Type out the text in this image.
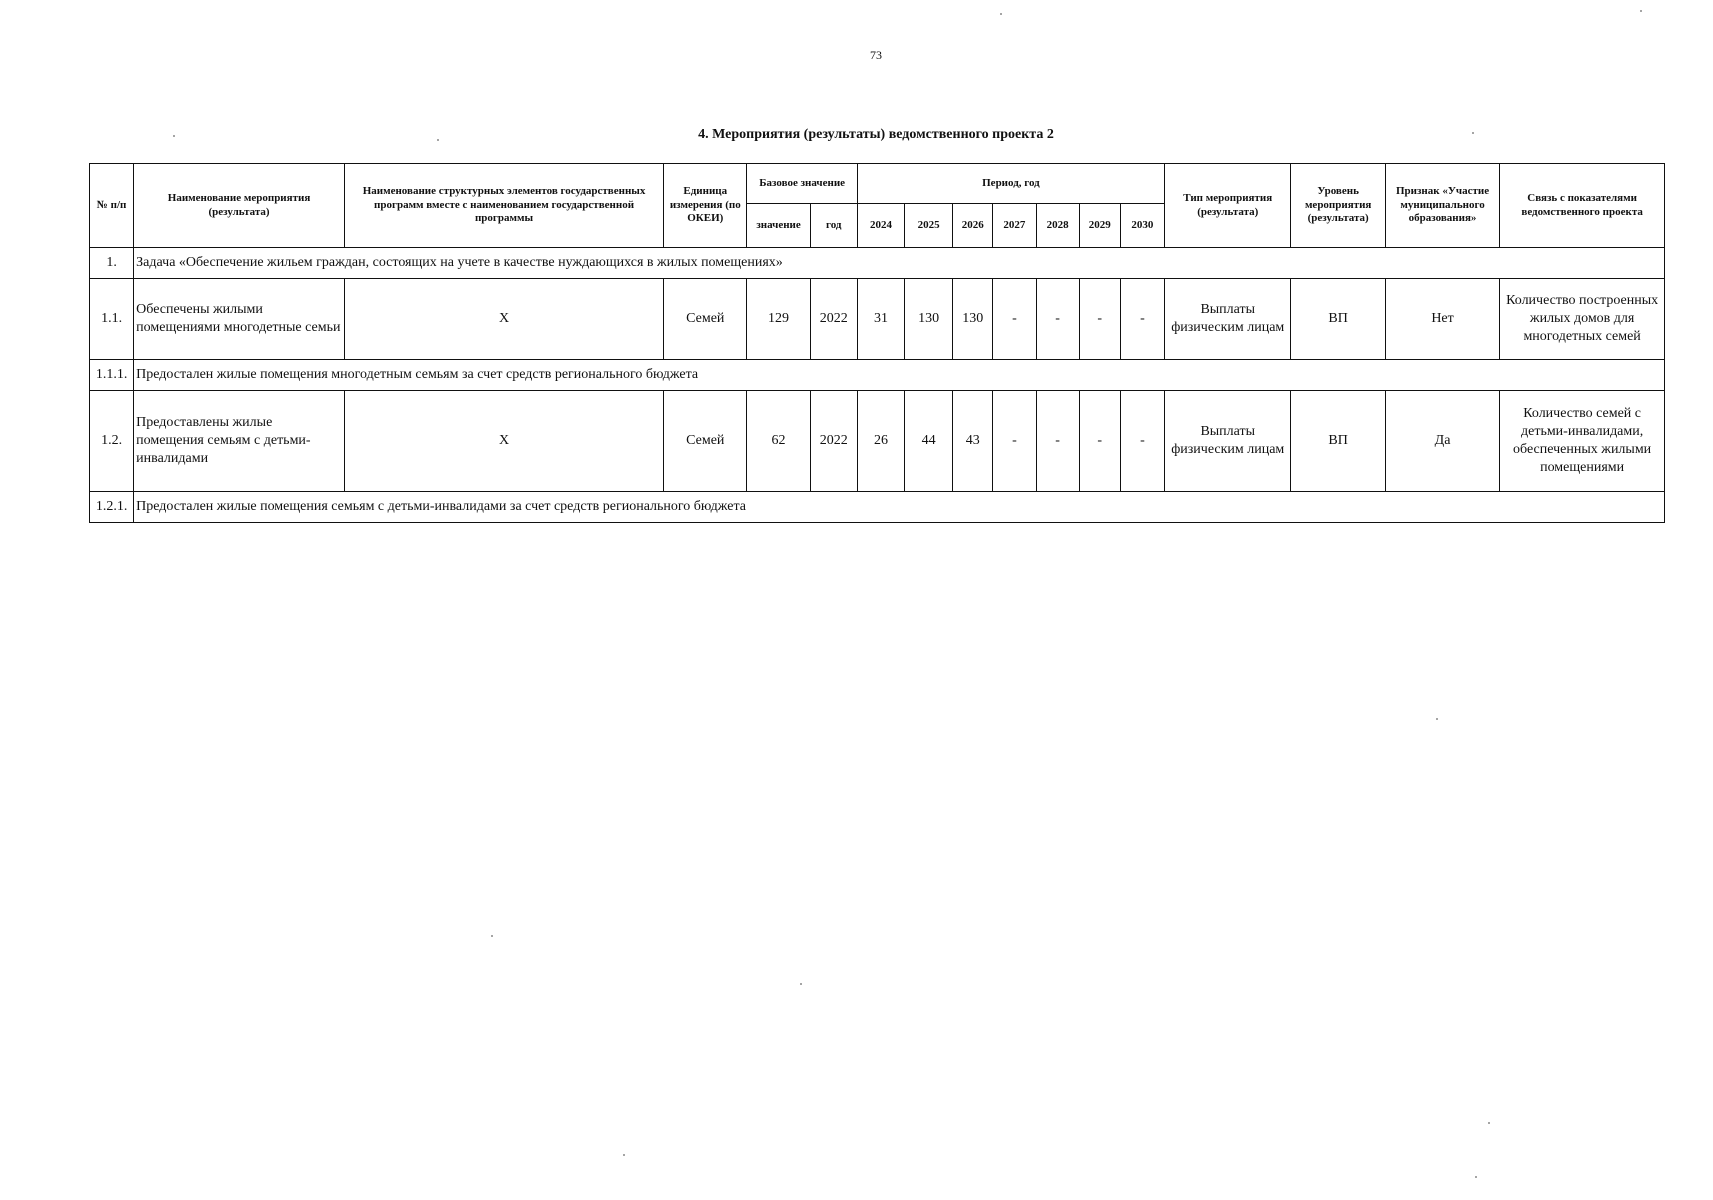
73
4. Мероприятия (результаты) ведомственного проекта 2
№ п/п	Наименование мероприятия (результата)	Наименование структурных элементов государственных программ вместе с наименованием государственной программы	Единица измерения (по ОКЕИ)	Базовое значение		Период, год							Тип мероприятия (результата)	Уровень мероприятия (результата)	Признак «Участие муниципального образования»	Связь с показателями ведомственного проекта
				значение	год	2024	2025	2026	2027	2028	2029	2030				
1.	Задача «Обеспечение жильем граждан, состоящих на учете в качестве нуждающихся в жилых помещениях»															
1.1.	Обеспечены жилыми помещениями многодетные семьи	Х	Семей	129	2022	31	130	130	-	-	-	-	Выплаты физическим лицам	ВП	Нет	Количество построенных жилых домов для многодетных семей
1.1.1.	Предостален жилые помещения многодетным семьям за счет средств регионального бюджета															
1.2.	Предоставлены жилые помещения семьям с детьми-инвалидами	Х	Семей	62	2022	26	44	43	-	-	-	-	Выплаты физическим лицам	ВП	Да	Количество семей с детьми-инвалидами, обеспеченных жилыми помещениями
1.2.1.	Предостален жилые помещения семьям с детьми-инвалидами за счет средств регионального бюджета															
